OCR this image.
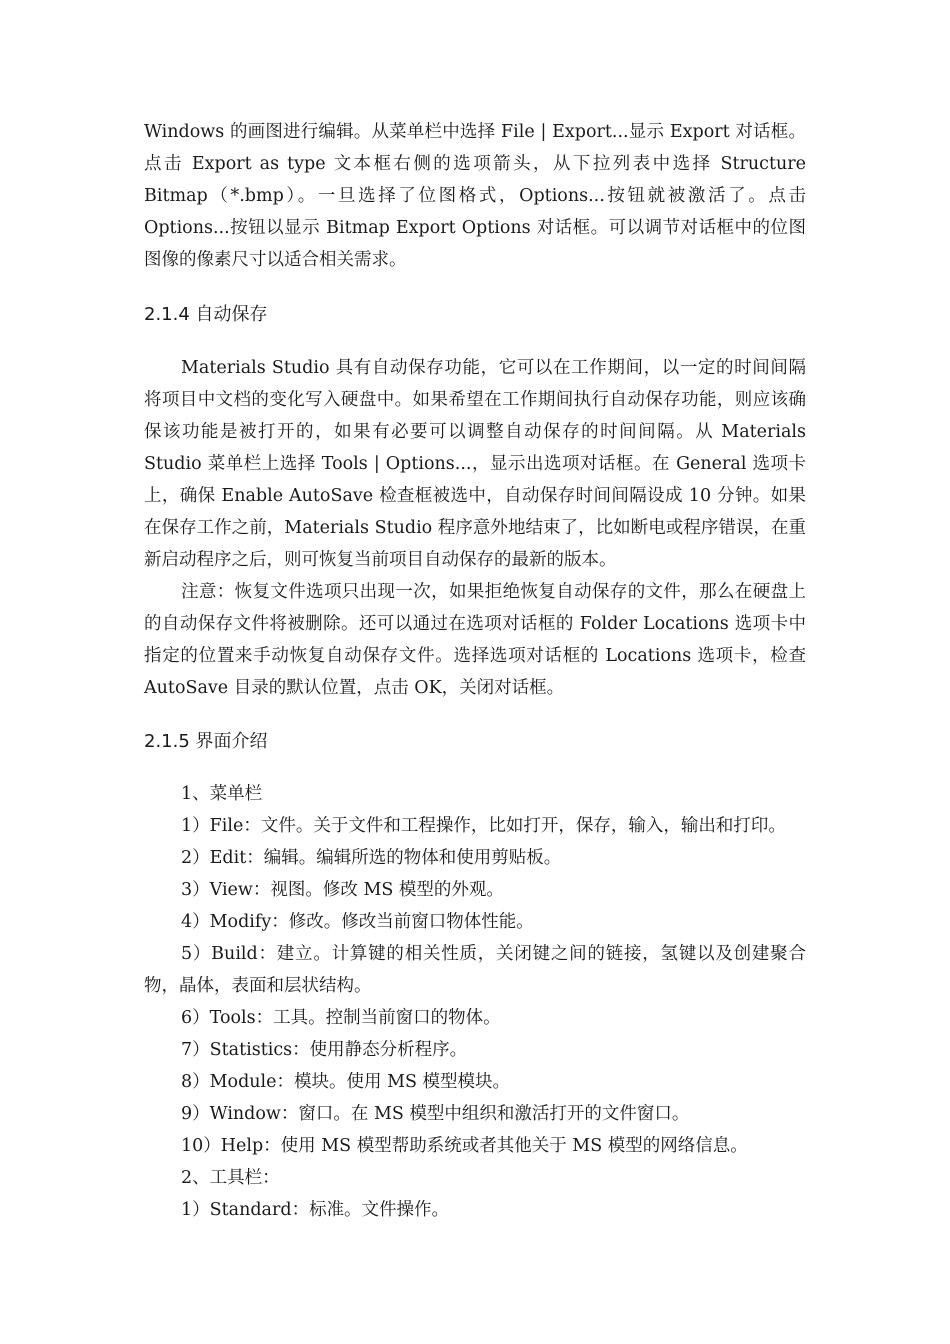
Windows 的画图进行编辑。从菜单栏中选择 File | Export...显示 Export 对话框。点击 Export as type 文本框右侧的选项箭头，从下拉列表中选择 Structure Bitmap（*.bmp）。一旦选择了位图格式，Options...按钮就被激活了。点击 Options...按钮以显示 Bitmap Export Options 对话框。可以调节对话框中的位图图像的像素尺寸以适合相关需求。

2.1.4 自动保存

Materials Studio 具有自动保存功能，它可以在工作期间，以一定的时间间隔将项目中文档的变化写入硬盘中。如果希望在工作期间执行自动保存功能，则应该确保该功能是被打开的，如果有必要可以调整自动保存的时间间隔。从 Materials Studio 菜单栏上选择 Tools | Options...，显示出选项对话框。在 General 选项卡上，确保 Enable AutoSave 检查框被选中，自动保存时间间隔设成 10 分钟。如果在保存工作之前，Materials Studio 程序意外地结束了，比如断电或程序错误，在重新启动程序之后，则可恢复当前项目自动保存的最新的版本。

注意：恢复文件选项只出现一次，如果拒绝恢复自动保存的文件，那么在硬盘上的自动保存文件将被删除。还可以通过在选项对话框的 Folder Locations 选项卡中指定的位置来手动恢复自动保存文件。选择选项对话框的 Locations 选项卡，检查 AutoSave 目录的默认位置，点击 OK，关闭对话框。

2.1.5 界面介绍

1、菜单栏

1）File：文件。关于文件和工程操作，比如打开，保存，输入，输出和打印。

2）Edit：编辑。编辑所选的物体和使用剪贴板。

3）View：视图。修改 MS 模型的外观。

4）Modify：修改。修改当前窗口物体性能。

5）Build：建立。计算键的相关性质，关闭键之间的链接，氢键以及创建聚合物，晶体，表面和层状结构。

6）Tools：工具。控制当前窗口的物体。

7）Statistics：使用静态分析程序。

8）Module：模块。使用 MS 模型模块。

9）Window：窗口。在 MS 模型中组织和激活打开的文件窗口。

10）Help：使用 MS 模型帮助系统或者其他关于 MS 模型的网络信息。

2、工具栏：

1）Standard：标准。文件操作。
